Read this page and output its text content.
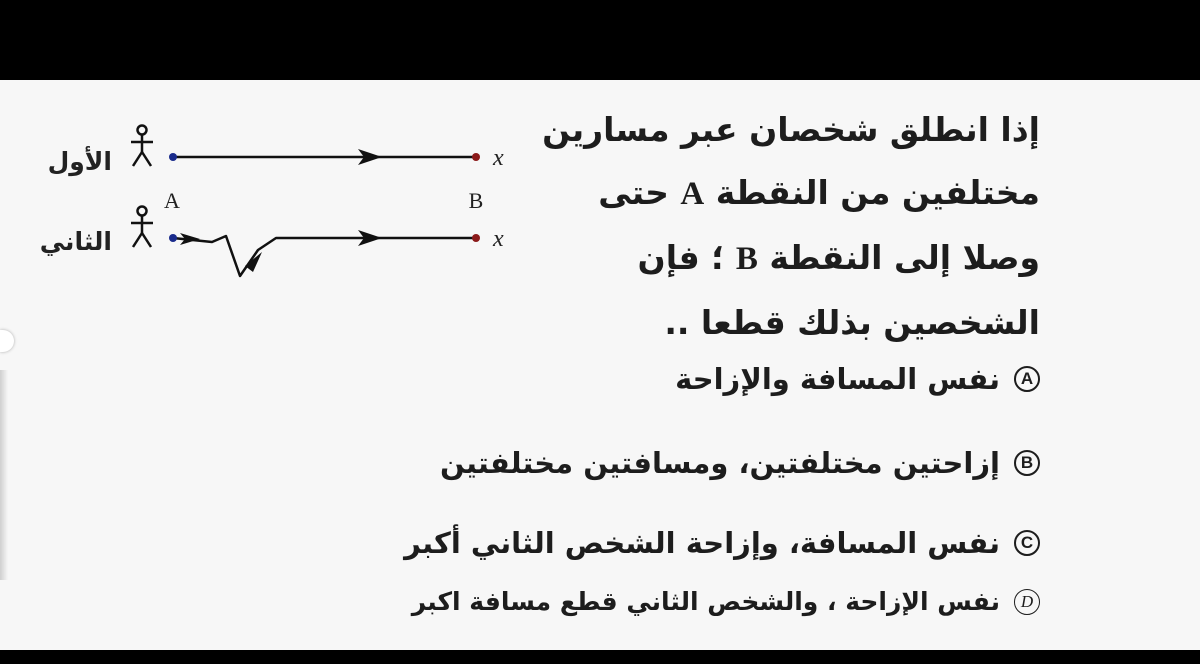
الأول	x
A	B
الثاني	x
إذا انطلق شخصان عبر مسارين
مختلفين من النقطة A حتى
وصلا إلى النقطة B ؛ فإن
الشخصين بذلك قطعا ..
A
نفس المسافة والإزاحة
B
إزاحتين مختلفتين، ومسافتين مختلفتين
C
نفس المسافة، وإزاحة الشخص الثاني أكبر
D
نفس الإزاحة ، والشخص الثاني قطع مسافة اكبر
